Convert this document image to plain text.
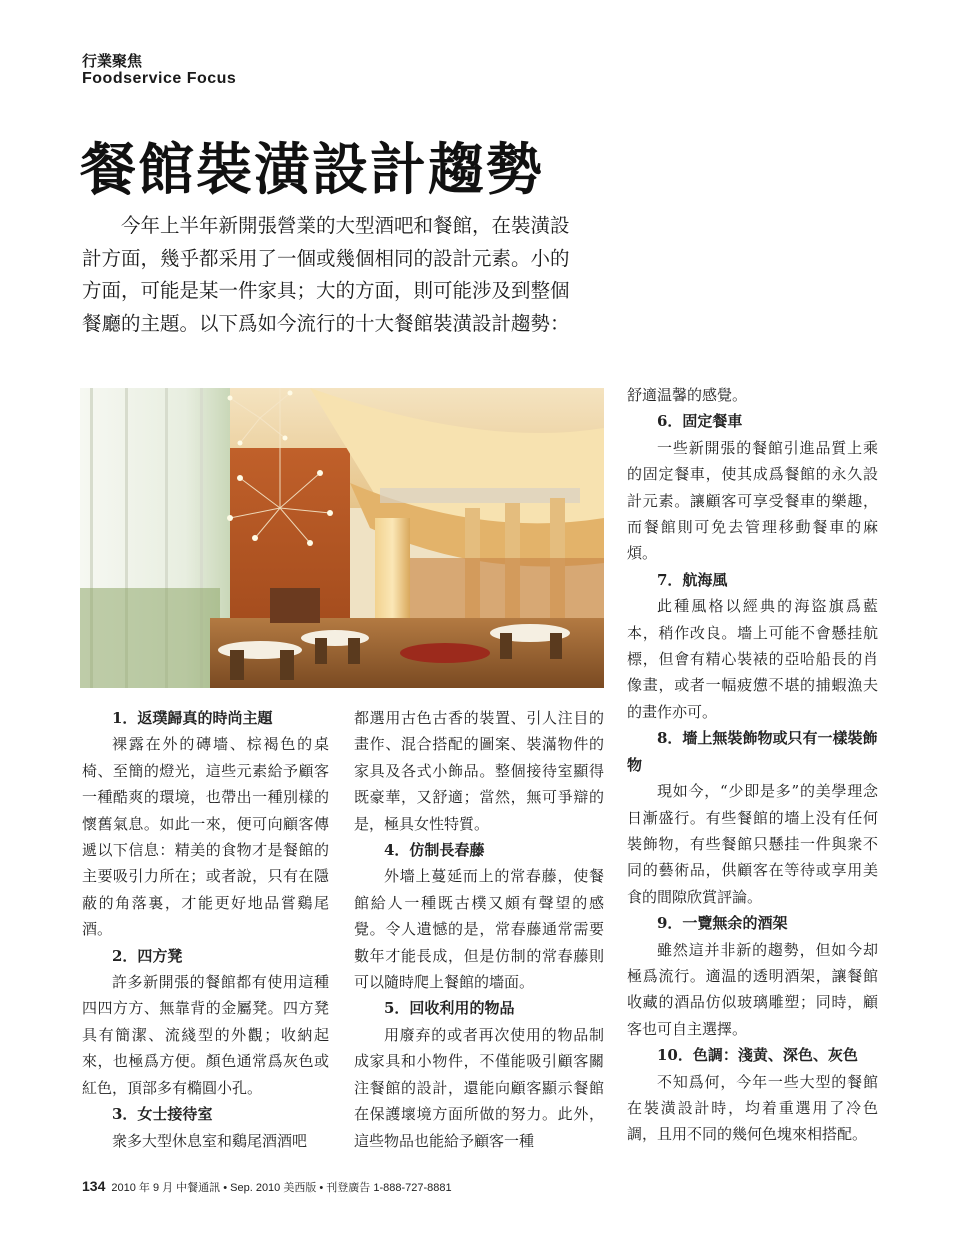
行業聚焦
Foodservice Focus
餐館裝潢設計趨勢

今年上半年新開張營業的大型酒吧和餐館，在裝潢設計方面，幾乎都采用了一個或幾個相同的設計元素。小的方面，可能是某一件家具；大的方面，則可能涉及到整個餐廳的主題。以下爲如今流行的十大餐館裝潢設計趨勢：

1．返璞歸真的時尚主題

裸露在外的磚墻、棕褐色的桌椅、至簡的燈光，這些元素給予顧客一種酷爽的環境，也帶出一種別樣的懷舊氣息。如此一來，便可向顧客傳遞以下信息：精美的食物才是餐館的主要吸引力所在；或者說，只有在隱蔽的角落裏，才能更好地品嘗鷄尾酒。

2．四方凳

許多新開張的餐館都有使用這種四四方方、無靠背的金屬凳。四方凳具有簡潔、流綫型的外觀；收納起來，也極爲方便。顏色通常爲灰色或紅色，頂部多有橢圓小孔。

3．女士接待室

衆多大型休息室和鷄尾酒酒吧

都選用古色古香的裝置、引人注目的畫作、混合搭配的圖案、裝滿物件的家具及各式小飾品。整個接待室顯得既豪華，又舒適；當然，無可爭辯的是，極具女性特質。

4．仿制長春藤

外墻上蔓延而上的常春藤，使餐館給人一種既古樸又頗有聲望的感覺。令人遺憾的是，常春藤通常需要數年才能長成，但是仿制的常春藤則可以隨時爬上餐館的墻面。

5．回收利用的物品

用廢弃的或者再次使用的物品制成家具和小物件，不僅能吸引顧客關注餐館的設計，還能向顧客顯示餐館在保護壞境方面所做的努力。此外，這些物品也能給予顧客一種

舒適温馨的感覺。

6．固定餐車

一些新開張的餐館引進品質上乘的固定餐車，使其成爲餐館的永久設計元素。讓顧客可享受餐車的樂趣，而餐館則可免去管理移動餐車的麻煩。

7．航海風

此種風格以經典的海盜旗爲藍本，稍作改良。墻上可能不會懸挂航標，但會有精心裝裱的亞哈船長的肖像畫，或者一幅疲憊不堪的捕蝦漁夫的畫作亦可。

8．墻上無裝飾物或只有一樣裝飾物

現如今，“少即是多”的美學理念日漸盛行。有些餐館的墻上没有任何裝飾物，有些餐館只懸挂一件與衆不同的藝術品，供顧客在等待或享用美食的間隙欣賞評論。

9．一覽無余的酒架

雖然這并非新的趨勢，但如今却極爲流行。適温的透明酒架，讓餐館收藏的酒品仿似玻璃雕塑；同時，顧客也可自主選擇。

10．色調：淺黄、深色、灰色

不知爲何，今年一些大型的餐館在裝潢設計時，均着重選用了冷色調，且用不同的幾何色塊來相搭配。

134 2010 年 9 月 中餐通訊 • Sep. 2010 美西版 • 刊登廣告 1-888-727-8881
